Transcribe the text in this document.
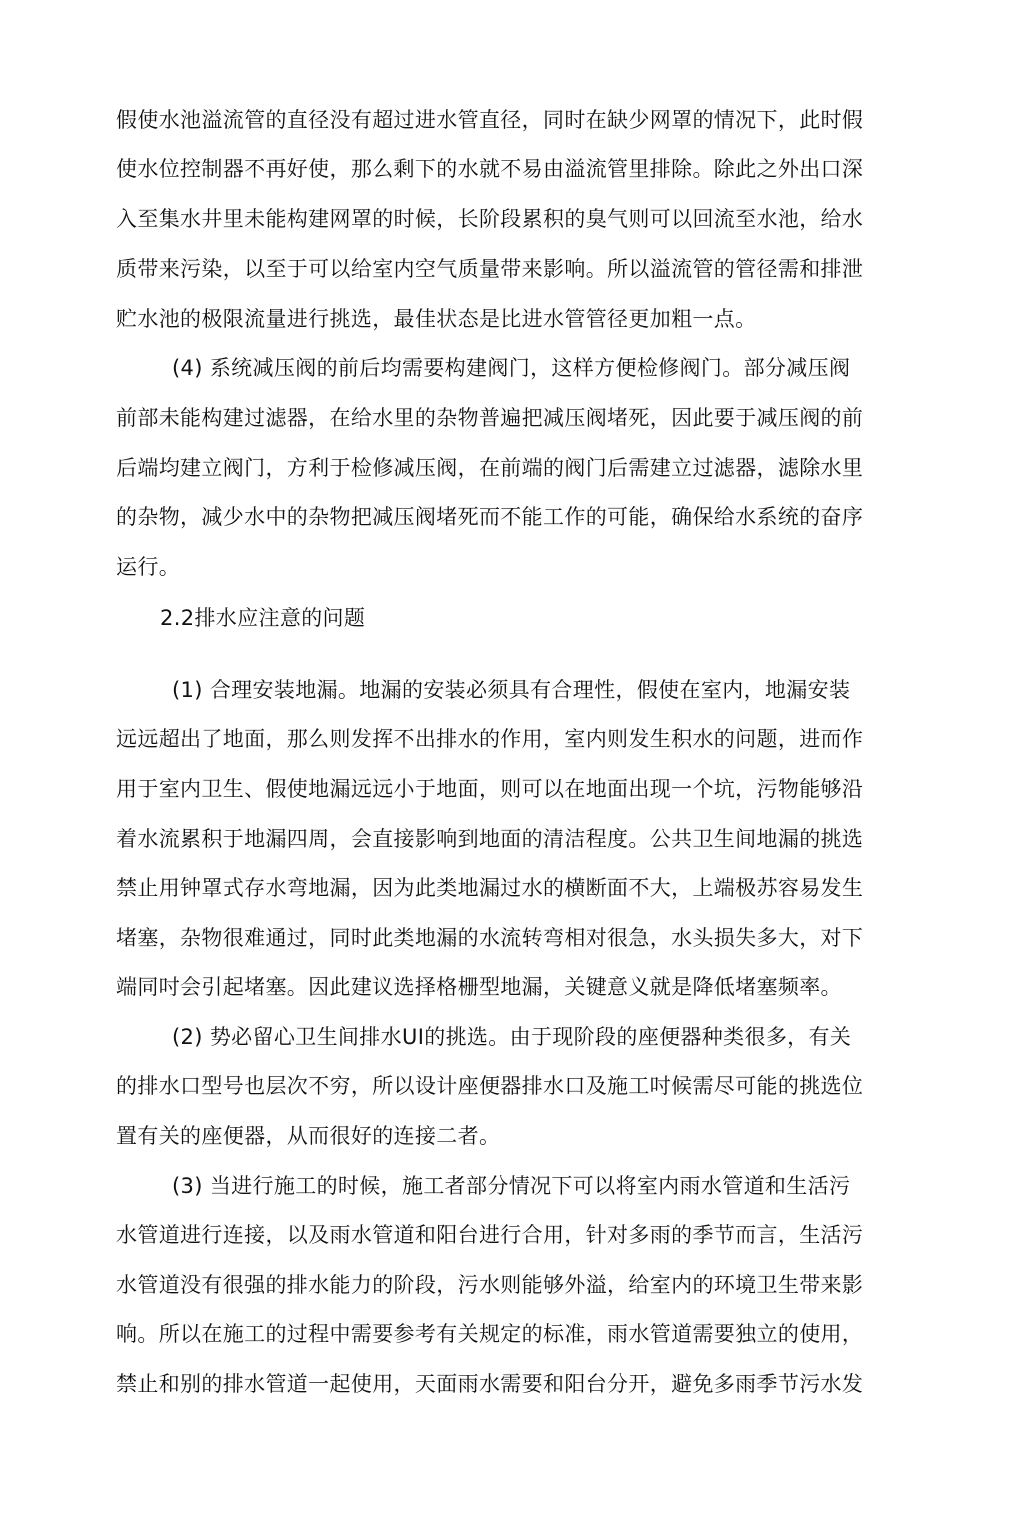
假使水池溢流管的直径没有超过进水管直径，同时在缺少网罩的情况下，此时假
使水位控制器不再好使，那么剩下的水就不易由溢流管里排除。除此之外出口深
入至集水井里未能构建网罩的时候，长阶段累积的臭气则可以回流至水池，给水
质带来污染，以至于可以给室内空气质量带来影响。所以溢流管的管径需和排泄
贮水池的极限流量进行挑选，最佳状态是比进水管管径更加粗一点。
(4) 系统减压阀的前后均需要构建阀门，这样方便检修阀门。部分减压阀
前部未能构建过滤器，在给水里的杂物普遍把减压阀堵死，因此要于减压阀的前
后端均建立阀门，方利于检修减压阀，在前端的阀门后需建立过滤器，滤除水里
的杂物，减少水中的杂物把减压阀堵死而不能工作的可能，确保给水系统的奋序
运行。
2.2排水应注意的问题
(1) 合理安装地漏。地漏的安装必须具有合理性，假使在室内，地漏安装
远远超出了地面，那么则发挥不出排水的作用，室内则发生积水的问题，进而作
用于室内卫生、假使地漏远远小于地面，则可以在地面出现一个坑，污物能够沿
着水流累积于地漏四周，会直接影响到地面的清洁程度。公共卫生间地漏的挑选
禁止用钟罩式存水弯地漏，因为此类地漏过水的横断面不大，上端极苏容易发生
堵塞，杂物很难通过，同时此类地漏的水流转弯相对很急，水头损失多大，对下
端同吋会引起堵塞。因此建议选择格栅型地漏，关键意义就是降低堵塞频率。
(2) 势必留心卫生间排水UI的挑选。由于现阶段的座便器种类很多，有关
的排水口型号也层次不穷，所以设计座便器排水口及施工吋候需尽可能的挑选位
置有关的座便器，从而很好的连接二者。
(3) 当进行施工的时候，施工者部分情况下可以将室内雨水管道和生活污
水管道进行连接，以及雨水管道和阳台进行合用，针对多雨的季节而言，生活污
水管道没有很强的排水能力的阶段，污水则能够外溢，给室内的环境卫生带来影
响。所以在施工的过程中需要参考有关规定的标准，雨水管道需要独立的使用，
禁止和别的排水管道一起使用，天面雨水需要和阳台分开，避免多雨季节污水发
